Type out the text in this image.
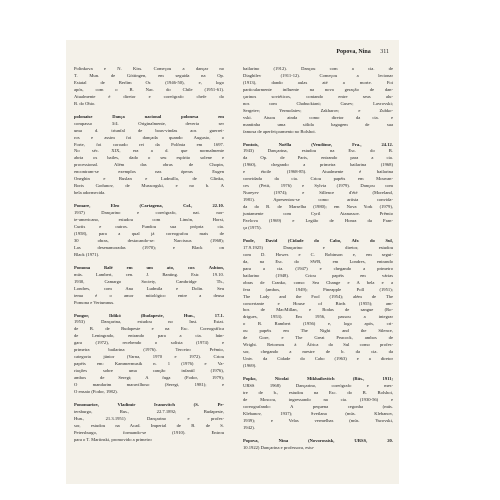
Popova, Nina 311
Polinkova e N. Kiss. Começou a dançar no
T. Mun. de Göttingen, em seguida na Op.
Estatal de Berlim Or. (1946-50), e, logo
após, com o B. Nac. do Chile (1951-61).
Atualmente é diretor e coreógrafo chefe do
B. do Ohio.
polonaise Dança nacional polonesa em
compasso 3/4. Originalmente, deveria ser
uma d. triunfal de boas-vindas aos guerrei-
ros e assim foi dançada quando Augusto, o
Forte, foi coroado rei da Polônia em 1697.
No séc. XIX, era a d. que normalmente
abria os bailes, dado o seu espírito solene e
processional. Além das obras de Chopin,
encontram-se exemplos nas óperas Eugen
Oneghin e Ruslan e Ludmilla, de Glinka,
Boris Godunov, de Mussorgski, e no b. A
bela adormecida.
Pomare, Eleo (Cartagena, Col., 22.10.
1937) Dançarino e coreógrafo, nat. nor-
te-americano, estudou com Limón, Horst,
Curtis e outros. Fundou sua própria cia.
(1958), para a qual já coreografou mais de
30 obras, destacando-se: Narcissus (1968);
Las desenamoradas (1970); e Black on
Black (1971).
Pomona Balé em um ato, cor. Ashton,
mús. Lambert, cen. J. Banting. Estr. 19.10.
1930, Camargo Society, Cambridge Th.,
Londres, com Ana Ludmila e Dolin. Seu
tema é o amor mitológico entre a deusa
Pomona e Vertumnus.
Pongor, Ildikó (Budapeste, Hun., 17.1.
1953) Dançarina, estudou no Inst. Estat.
de B. de Budapeste e na Esc. Coreográfica
de Leningrado, entrando para a cia. hún-
gara (1972), recebendo o solista (1974) e
primeira bailarina (1976). Terceiro Prêmio,
categoria júnior (Varna, 1970 e 1972). Criou
papéis em: Kammermusik n. 1 (1976) e Va-
riações sobre uma canção infantil (1976),
ambos de Seregi; A fuga (Fodor, 1979);
O mandarim maravilhoso (Seregi, 1981); e
O ensaio (Fodor, 1982).
Ponomariov, Vladimir Ivanovitch (S. Pe-
tersburgo, Rus., 22.7.1892; Budapeste,
Hun., 21.3.1951) Dançarino e profes-
sor, estudou na Acad. Imperial de B. de S.
Petersburgo, formando-se (1910). Entrou
para o T. Mariinski, promovido a primeiro
bailarino (1912). Dançou com a cia. de
Diaghilev (1911-12). Começou a lecionar
(1913), dando aulas até a morte. Foi
particularmente influente na nova geração de dan-
çarinos soviéticos, contando entre seus alu-
nos com Chabuckiani; Gusev; Lavrovski;
Sergeiev; Yermolaiev; Zakharov; e Zubko-
vski. Atuou ainda como diretor da cia. e
mantinha uma sólida bagagem de sua
famosa de aperfeiçoamento no Bolshoi.
Pontois, Noëlla (Vendôme, Fra., 24.12.
1943) Dançarina, estudou na Esc. do B.
da Op. de Paris, entrando para a cia.
(1960), chegando a primeira bailarina (1968)
e étoile (1968-85). Atualmente é bailarina
convidada da cia. Criou papéis em Mouvan-
ces (Petit, 1976) e Sylvia (1979). Dançou com
Nureyev (1974); e Sillence d'été (Moreland,
1981). Apresentou-se como artista convida-
da do B. de Marselha (1980); em Nova York (1979),
juntamente com Cyril Atanassov. Prêmio
Pavlova (1969) e Legião de Honra da Fran-
ça (1975).
Poole, David (Cidade do Cabo, Afr. do Sul,
17.9.1925) Dançarino e diretor, estudou
com D. Howes e C. Robinson e, em segui-
da, na Esc. do SWB, em Londres, entrando
para a cia. (1947) e chegando a primeiro
bailarino (1948). Criou papéis em várias
obras de Cranko, como: Sea Change e A bela e a
fera (ambos, 1949); Pineapple Poll (1951);
The Lady and the Fool (1954); além de The
concertante e House of Birds (1955); am-
bos de MacMillan, e Bodas de sangue (Ro-
drigues, 1953). Em 1956, passou a integrar
o B. Rambert (1956) e, logo após, cri-
ou papéis em The Night and the Silence,
de Gore, e The Great Peacock, ambos de
Wright. Retornou à África do Sul como profes-
sor, chegando a mestre de b. da cia. da
Univ. da Cidade do Cabo (1963) e a diretor
(1969).
Popko, Nicolai Mikhailovitch (Rús., 1911;
URSS 1968) Dançarino, coreógrafo e mes-
tre de b., estudou na Esc. do B. Bolshoi,
de Moscou, ingressando na cia. (1930-56) e
coreografando: A pequena cegonha (mús.
Klebanov, 1937); Svetlana (mús. Klebanov,
1939); e Velas vermelhas (mús. Yurovski,
1942).
Popova, Nina (Novorossisk, URSS, 20.
10.1922) Dançarina e professora, estu-
